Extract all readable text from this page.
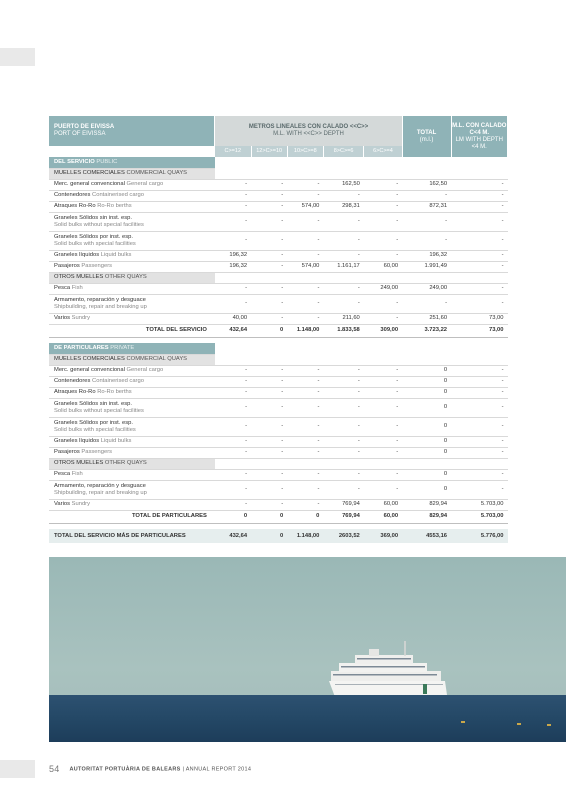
PUERTO DE EIVISSA
PORT OF EIVISSA	METROS LINEALES CON CALADO <<C>>
M.L. WITH <<C>> DEPTH					TOTAL
(m.l.)	M.L. CON CALADO C<4 M.
LM WITH DEPTH <4 M.
	C>=12	12>C>=10	10>C>=8	8>C>=6	6>C>=4		
DEL SERVICIO PUBLIC							
MUELLES COMERCIALES COMMERCIAL QUAYS							
Merc. general convencional General cargo	-	-	-	162,50	-	162,50	-
Contenedores Containerised cargo	-	-	-	-	-	-	-
Atraques Ro-Ro Ro-Ro berths	-	-	574,00	298,31	-	872,31	-
Graneles Sólidos sin inst. esp.
Solid bulks without special facilities	-	-	-	-	-	-	-
Graneles Sólidos por inst. esp.
Solid bulks with special facilities	-	-	-	-	-	-	-
Graneles líquidos Liquid bulks	196,32	-	-	-	-	196,32	-
Pasajeros Passengers	196,32	-	574,00	1.161,17	60,00	1.991,49	-
OTROS MUELLES OTHER QUAYS							
Pesca Fish	-	-	-	-	249,00	249,00	-
Armamento, reparación y desguace
Shipbuilding, repair and breaking up	-	-	-	-	-	-	-
Varios Sundry	40,00	-	-	211,60	-	251,60	73,00
TOTAL DEL SERVICIO	432,64	0	1.148,00	1.833,58	309,00	3.723,22	73,00

DE PARTICULARES PRIVATE							
MUELLES COMERCIALES COMMERCIAL QUAYS							
Merc. general convencional General cargo	-	-	-	-	-	0	-
Contenedores Containerised cargo	-	-	-	-	-	0	-
Atraques Ro-Ro Ro-Ro berths	-	-	-	-	-	0	-
Graneles Sólidos sin inst. esp.
Solid bulks without special facilities	-	-	-	-	-	0	-
Graneles Sólidos por inst. esp.
Solid bulks with special facilities	-	-	-	-	-	0	-
Graneles líquidos Liquid bulks	-	-	-	-	-	0	-
Pasajeros Passengers	-	-	-	-	-	0	-
OTROS MUELLES OTHER QUAYS							
Pesca Fish	-	-	-	-	-	0	-
Armamento, reparación y desguace
Shipbuilding, repair and breaking up	-	-	-	-	-	0	-
Varios Sundry	-	-	-	769,94	60,00	829,94	5.703,00
TOTAL DE PARTICULARES	0	0	0	769,94	60,00	829,94	5.703,00

TOTAL DEL SERVICIO MÁS DE PARTICULARES	432,64	0	1.148,00	2603,52	369,00	4553,16	5.776,00
54 AUTORITAT PORTUÀRIA DE BALEARS | ANNUAL REPORT 2014
